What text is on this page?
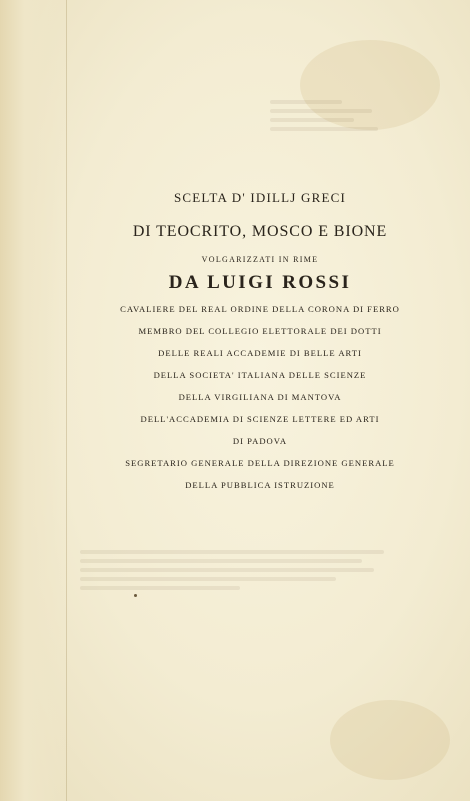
SCELTA D' IDILLJ GRECI
DI TEOCRITO, MOSCO E BIONE
VOLGARIZZATI IN RIME
DA LUIGI ROSSI
CAVALIERE DEL REAL ORDINE DELLA CORONA DI FERRO
MEMBRO DEL COLLEGIO ELETTORALE DEI DOTTI
DELLE REALI ACCADEMIE DI BELLE ARTI
DELLA SOCIETA' ITALIANA DELLE SCIENZE
DELLA VIRGILIANA DI MANTOVA
DELL'ACCADEMIA DI SCIENZE LETTERE ED ARTI
DI PADOVA
SEGRETARIO GENERALE DELLA DIREZIONE GENERALE
DELLA PUBBLICA ISTRUZIONE
